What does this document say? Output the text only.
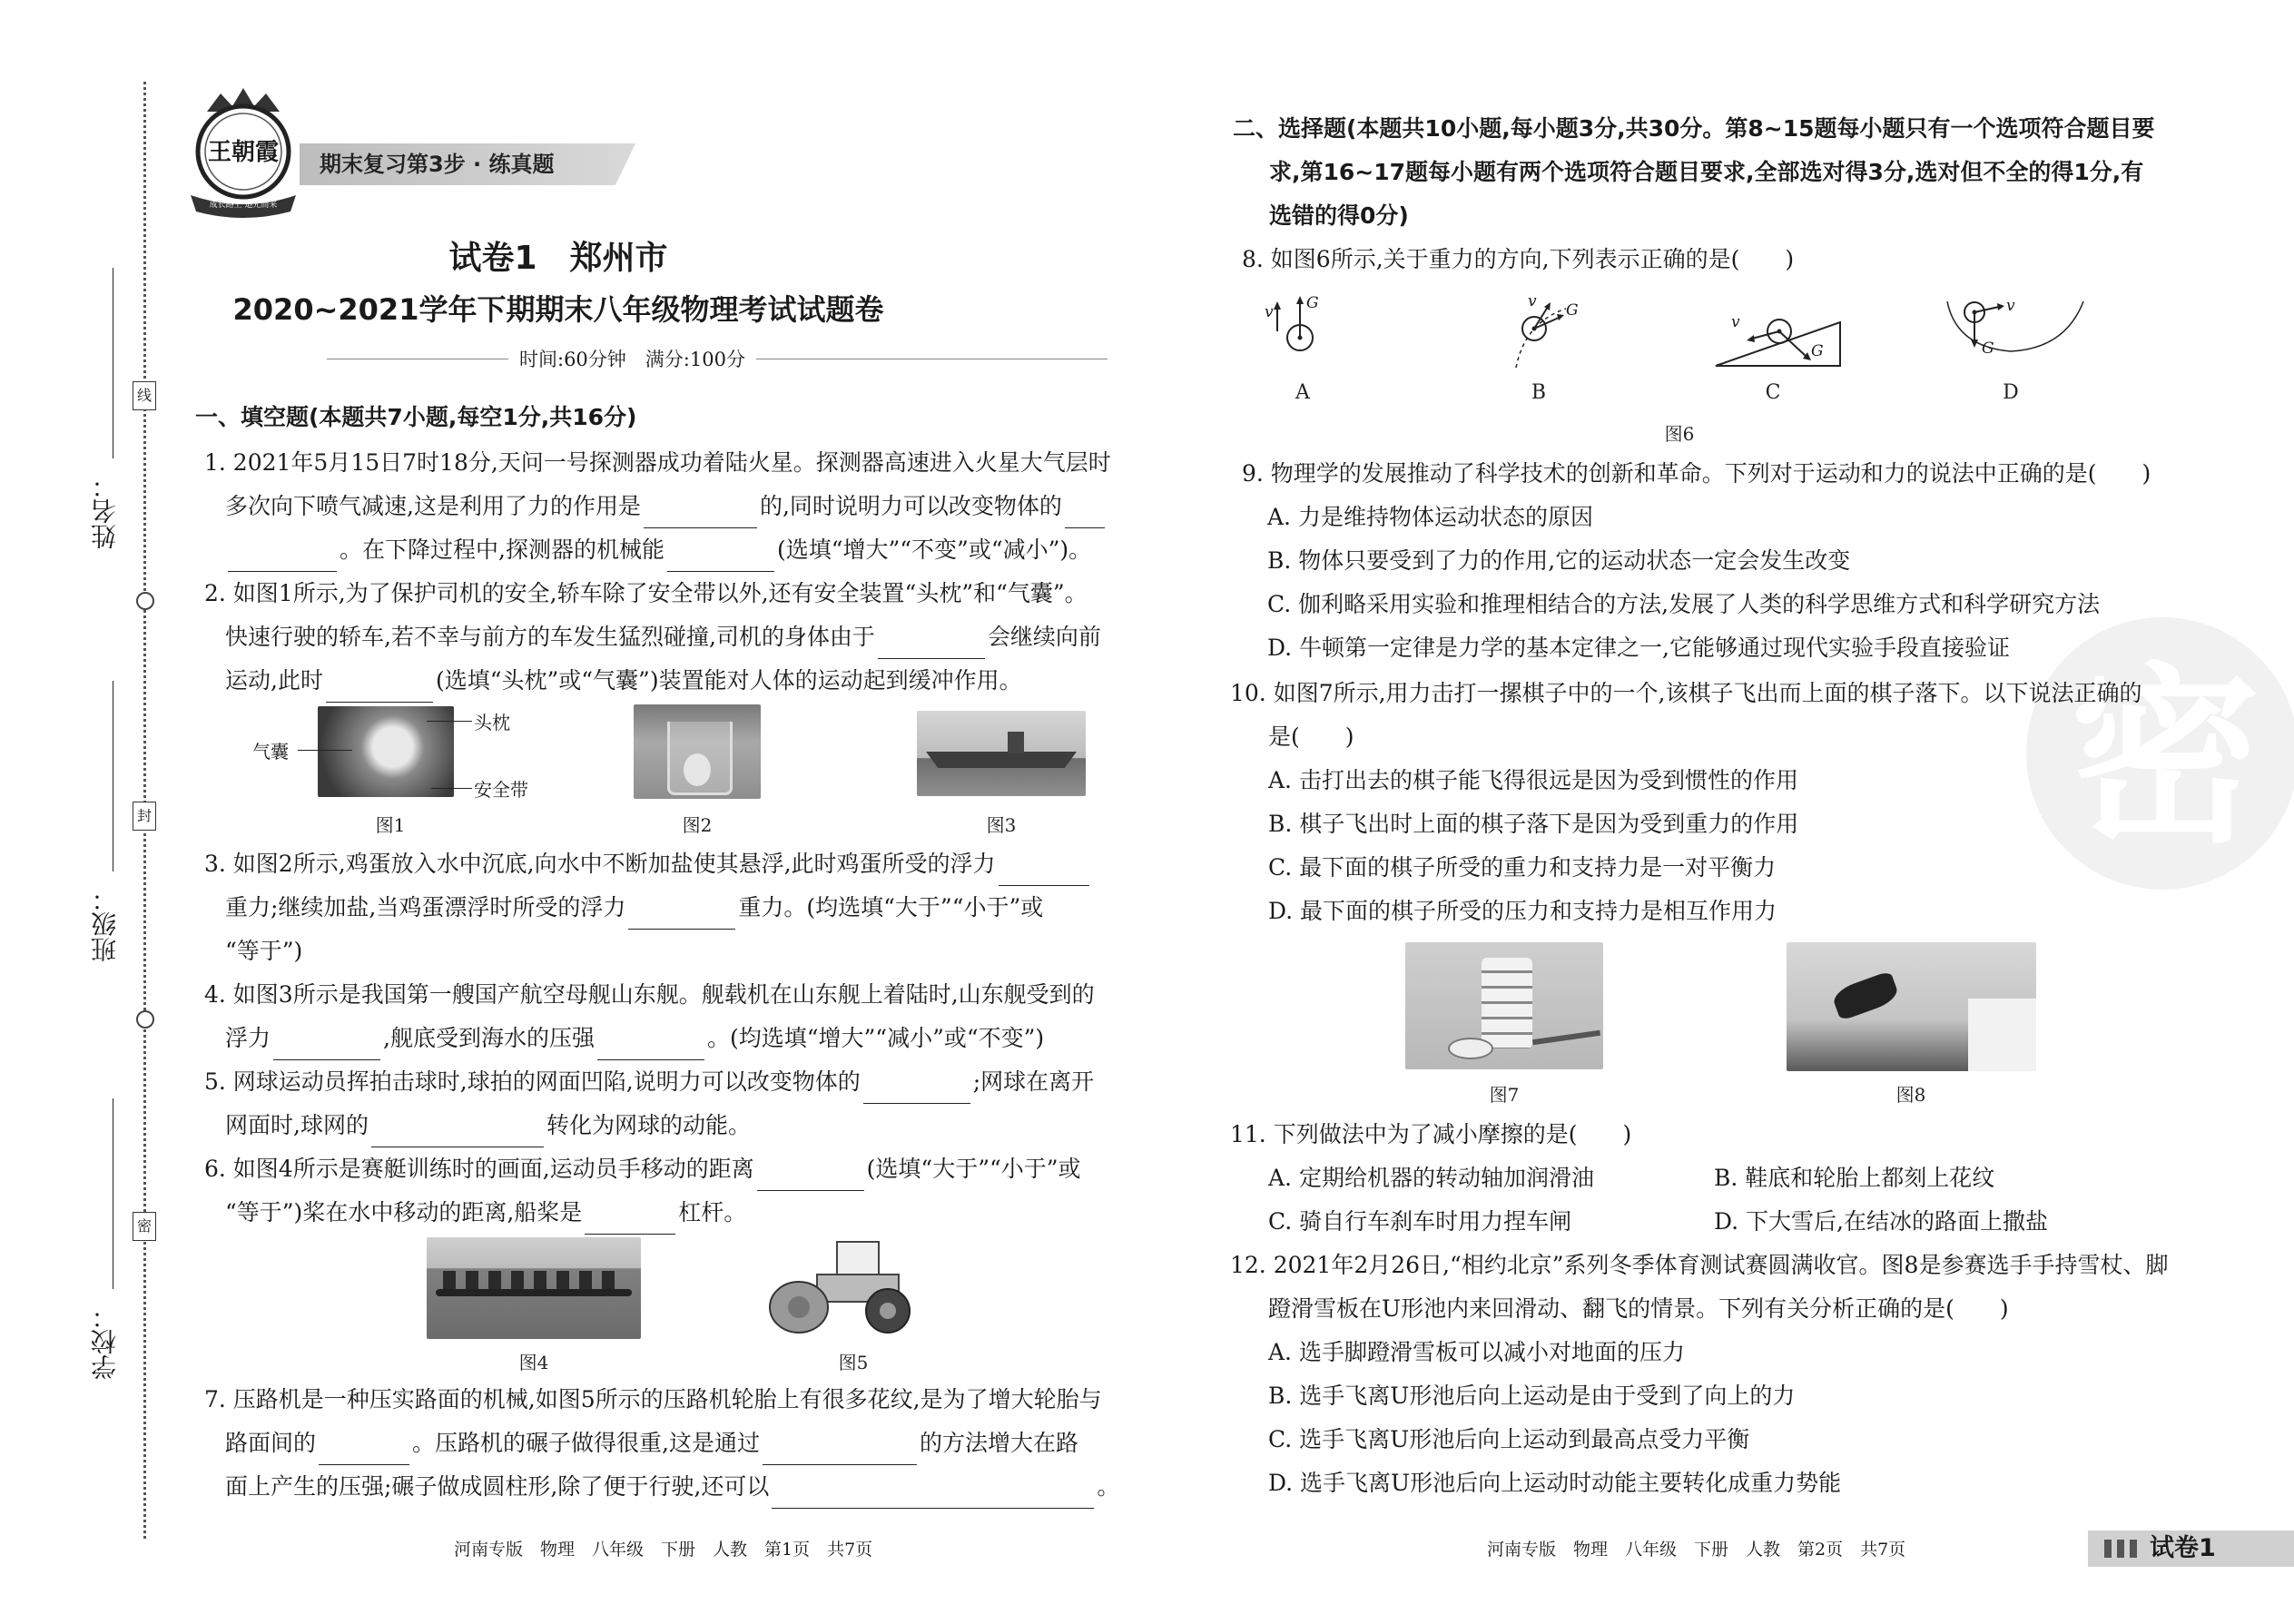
姓名：
班级：
学校：
线
封
密
王朝霞
成长路上 追光而来
期末复习第3步 · 练真题
试卷1　郑州市
2020~2021学年下期期末八年级物理考试试题卷
时间:60分钟　满分:100分
一、填空题(本题共7小题,每空1分,共16分)
1. 2021年5月15日7时18分,天问一号探测器成功着陆火星。探测器高速进入火星大气层时
多次向下喷气减速,这是利用了力的作用是	的,同时说明力可以改变物体的
。在下降过程中,探测器的机械能	(选填“增大”“不变”或“减小”)。
2. 如图1所示,为了保护司机的安全,轿车除了安全带以外,还有安全装置“头枕”和“气囊”。
快速行驶的轿车,若不幸与前方的车发生猛烈碰撞,司机的身体由于	会继续向前
运动,此时	(选填“头枕”或“气囊”)装置能对人体的运动起到缓冲作用。
头枕
气囊
安全带
图1	图2	图3
3. 如图2所示,鸡蛋放入水中沉底,向水中不断加盐使其悬浮,此时鸡蛋所受的浮力
重力;继续加盐,当鸡蛋漂浮时所受的浮力	重力。(均选填“大于”“小于”或
“等于”)
4. 如图3所示是我国第一艘国产航空母舰山东舰。舰载机在山东舰上着陆时,山东舰受到的
浮力	,舰底受到海水的压强	。(均选填“增大”“减小”或“不变”)
5. 网球运动员挥拍击球时,球拍的网面凹陷,说明力可以改变物体的	;网球在离开
网面时,球网的	转化为网球的动能。
6. 如图4所示是赛艇训练时的画面,运动员手移动的距离	(选填“大于”“小于”或
“等于”)桨在水中移动的距离,船桨是	杠杆。
图4	图5
7. 压路机是一种压实路面的机械,如图5所示的压路机轮胎上有很多花纹,是为了增大轮胎与
路面间的	。压路机的碾子做得很重,这是通过	的方法增大在路
面上产生的压强;碾子做成圆柱形,除了便于行驶,还可以	。
河南专版　物理　八年级　下册　人教　第1页　共7页
密
二、选择题(本题共10小题,每小题3分,共30分。第8~15题每小题只有一个选项符合题目要
求,第16~17题每小题有两个选项符合题目要求,全部选对得3分,选对但不全的得1分,有
选错的得0分)
8. 如图6所示,关于重力的方向,下列表示正确的是(　　)
v G	v G
v
G
v
G
A	B	C	D
图6
9. 物理学的发展推动了科学技术的创新和革命。下列对于运动和力的说法中正确的是(　　)
A. 力是维持物体运动状态的原因
B. 物体只要受到了力的作用,它的运动状态一定会发生改变
C. 伽利略采用实验和推理相结合的方法,发展了人类的科学思维方式和科学研究方法
D. 牛顿第一定律是力学的基本定律之一,它能够通过现代实验手段直接验证
10. 如图7所示,用力击打一摞棋子中的一个,该棋子飞出而上面的棋子落下。以下说法正确的
是(　　)
A. 击打出去的棋子能飞得很远是因为受到惯性的作用
B. 棋子飞出时上面的棋子落下是因为受到重力的作用
C. 最下面的棋子所受的重力和支持力是一对平衡力
D. 最下面的棋子所受的压力和支持力是相互作用力
图7	图8
11. 下列做法中为了减小摩擦的是(　　)
A. 定期给机器的转动轴加润滑油	B. 鞋底和轮胎上都刻上花纹
C. 骑自行车刹车时用力捏车闸	D. 下大雪后,在结冰的路面上撒盐
12. 2021年2月26日,“相约北京”系列冬季体育测试赛圆满收官。图8是参赛选手手持雪杖、脚
蹬滑雪板在U形池内来回滑动、翻飞的情景。下列有关分析正确的是(　　)
A. 选手脚蹬滑雪板可以减小对地面的压力
B. 选手飞离U形池后向上运动是由于受到了向上的力
C. 选手飞离U形池后向上运动到最高点受力平衡
D. 选手飞离U形池后向上运动时动能主要转化成重力势能
河南专版　物理　八年级　下册　人教　第2页　共7页	试卷1
